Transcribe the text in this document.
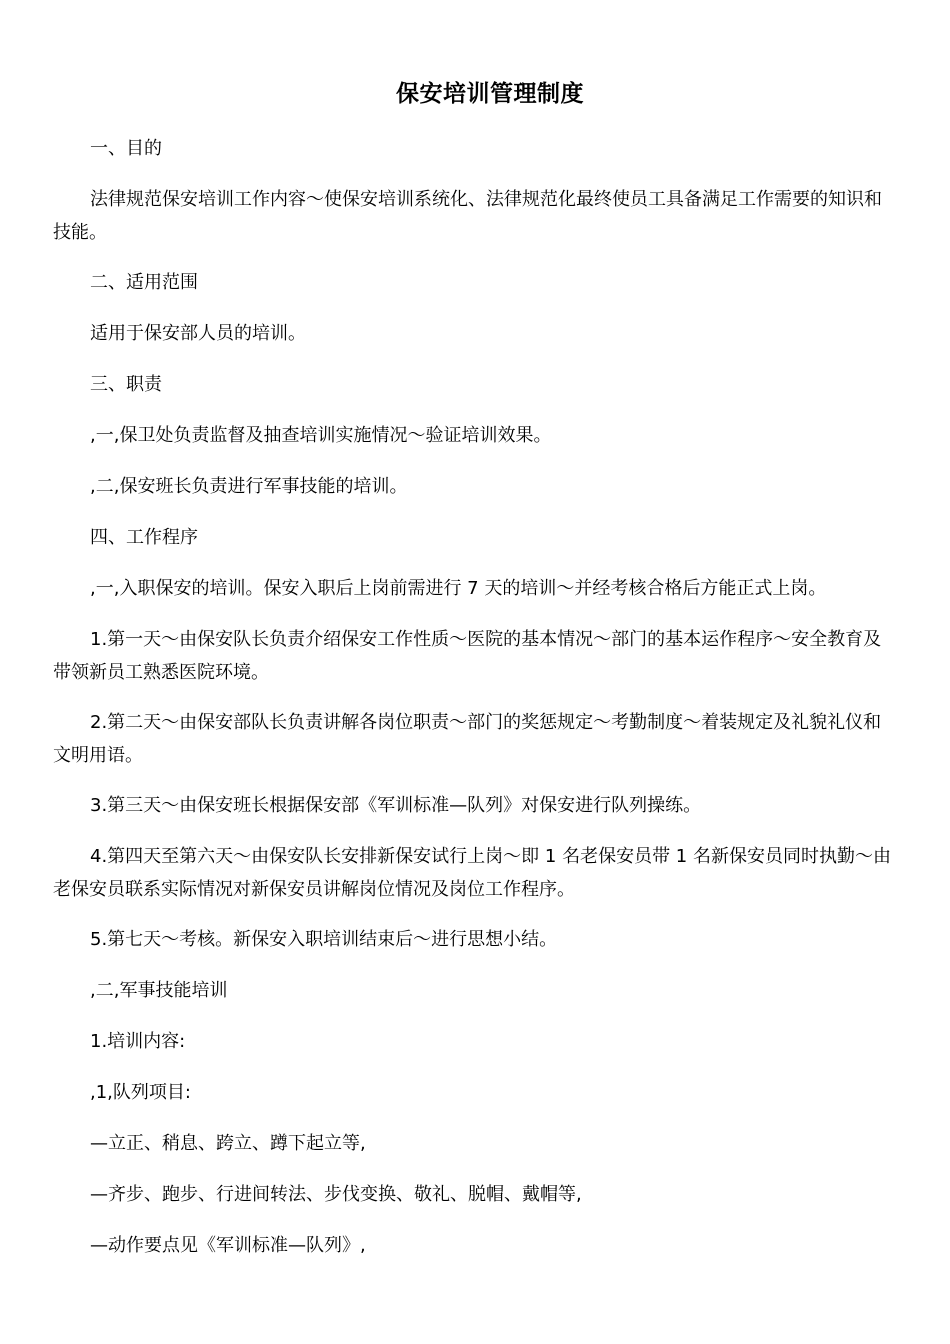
保安培训管理制度
一、目的
法律规范保安培训工作内容～使保安培训系统化、法律规范化最终使员工具备满足工作需要的知识和技能。
二、适用范围
适用于保安部人员的培训。
三、职责
,一,保卫处负责监督及抽查培训实施情况～验证培训效果。
,二,保安班长负责进行军事技能的培训。
四、工作程序
,一,入职保安的培训。保安入职后上岗前需进行 7 天的培训～并经考核合格后方能正式上岗。
1.第一天～由保安队长负责介绍保安工作性质～医院的基本情况～部门的基本运作程序～安全教育及带领新员工熟悉医院环境。
2.第二天～由保安部队长负责讲解各岗位职责～部门的奖惩规定～考勤制度～着装规定及礼貌礼仪和文明用语。
3.第三天～由保安班长根据保安部《军训标准—队列》对保安进行队列操练。
4.第四天至第六天～由保安队长安排新保安试行上岗～即 1 名老保安员带 1 名新保安员同时执勤～由老保安员联系实际情况对新保安员讲解岗位情况及岗位工作程序。
5.第七天～考核。新保安入职培训结束后～进行思想小结。
,二,军事技能培训
1.培训内容:
,1,队列项目:
—立正、稍息、跨立、蹲下起立等,
—齐步、跑步、行进间转法、步伐变换、敬礼、脱帽、戴帽等,
—动作要点见《军训标准—队列》,
